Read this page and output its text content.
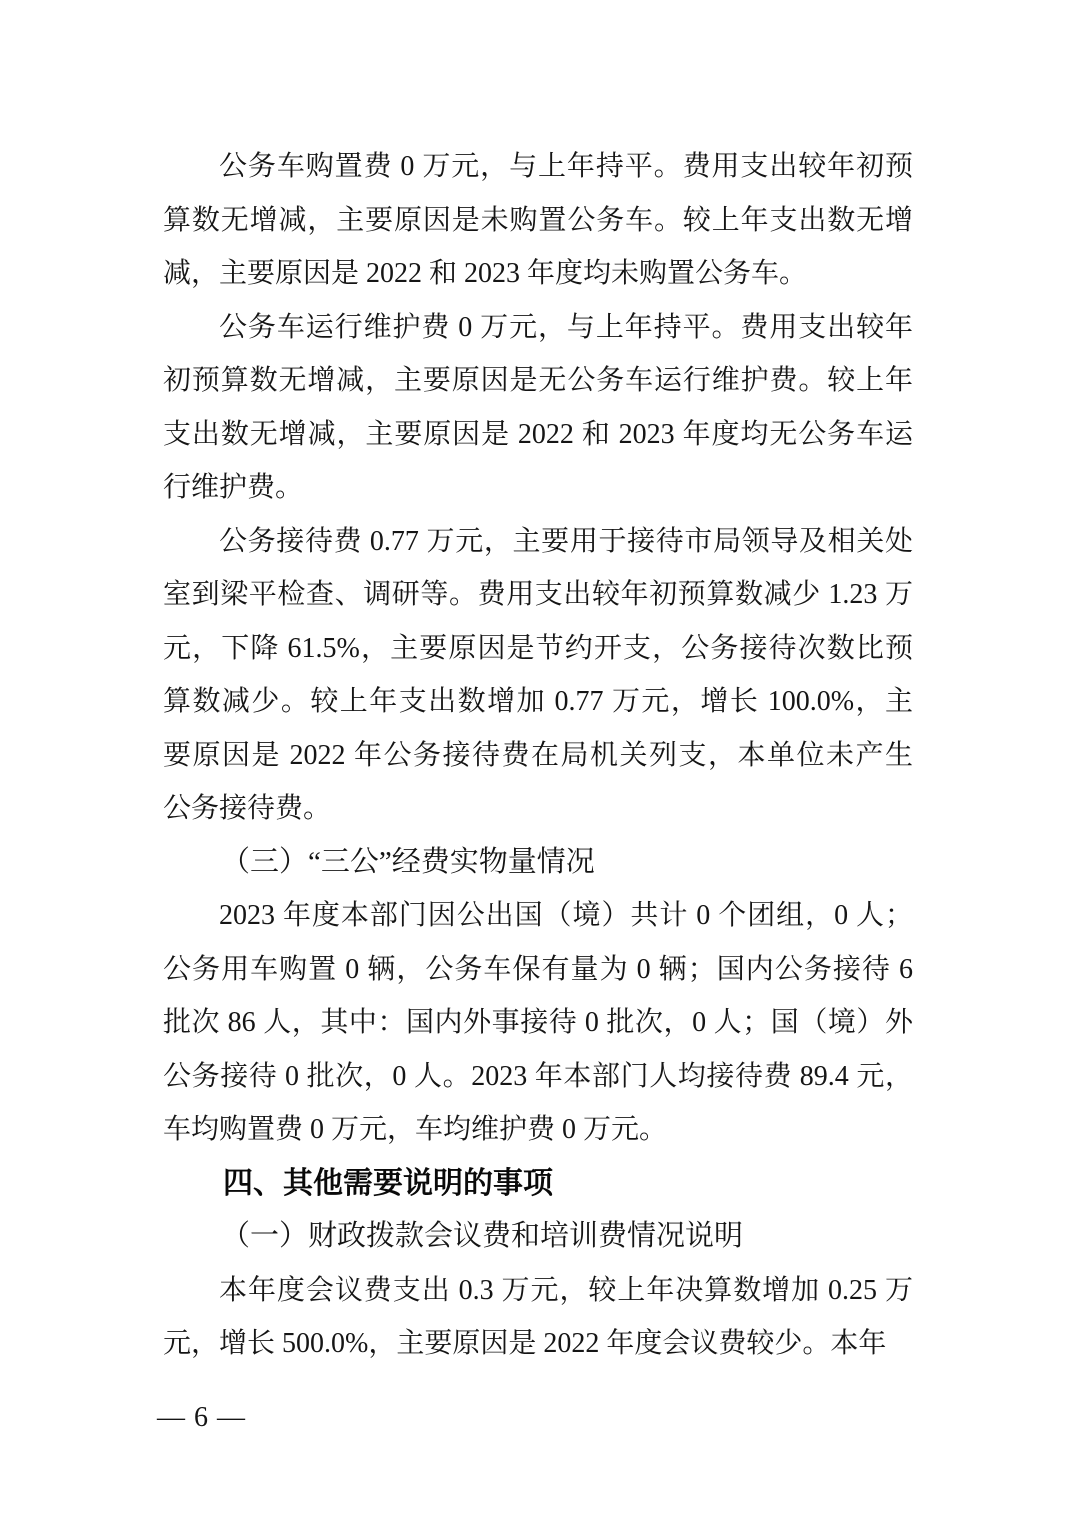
公务车购置费 0 万元，与上年持平。费用支出较年初预
算数无增减，主要原因是未购置公务车。较上年支出数无增
减，主要原因是 2022 和 2023 年度均未购置公务车。
公务车运行维护费 0 万元，与上年持平。费用支出较年
初预算数无增减，主要原因是无公务车运行维护费。较上年
支出数无增减，主要原因是 2022 和 2023 年度均无公务车运
行维护费。
公务接待费 0.77 万元，主要用于接待市局领导及相关处
室到梁平检查、调研等。费用支出较年初预算数减少 1.23 万
元，下降 61.5%，主要原因是节约开支，公务接待次数比预
算数减少。较上年支出数增加 0.77 万元，增长 100.0%，主
要原因是 2022 年公务接待费在局机关列支，本单位未产生
公务接待费。
（三）“三公”经费实物量情况
2023 年度本部门因公出国（境）共计 0 个团组，0 人；
公务用车购置 0 辆，公务车保有量为 0 辆；国内公务接待 6
批次 86 人，其中：国内外事接待 0 批次，0 人；国（境）外
公务接待 0 批次，0 人。2023 年本部门人均接待费 89.4 元，
车均购置费 0 万元，车均维护费 0 万元。
四、其他需要说明的事项
（一）财政拨款会议费和培训费情况说明
本年度会议费支出 0.3 万元，较上年决算数增加 0.25 万
元，增长 500.0%，主要原因是 2022 年度会议费较少。本年
— 6 —
